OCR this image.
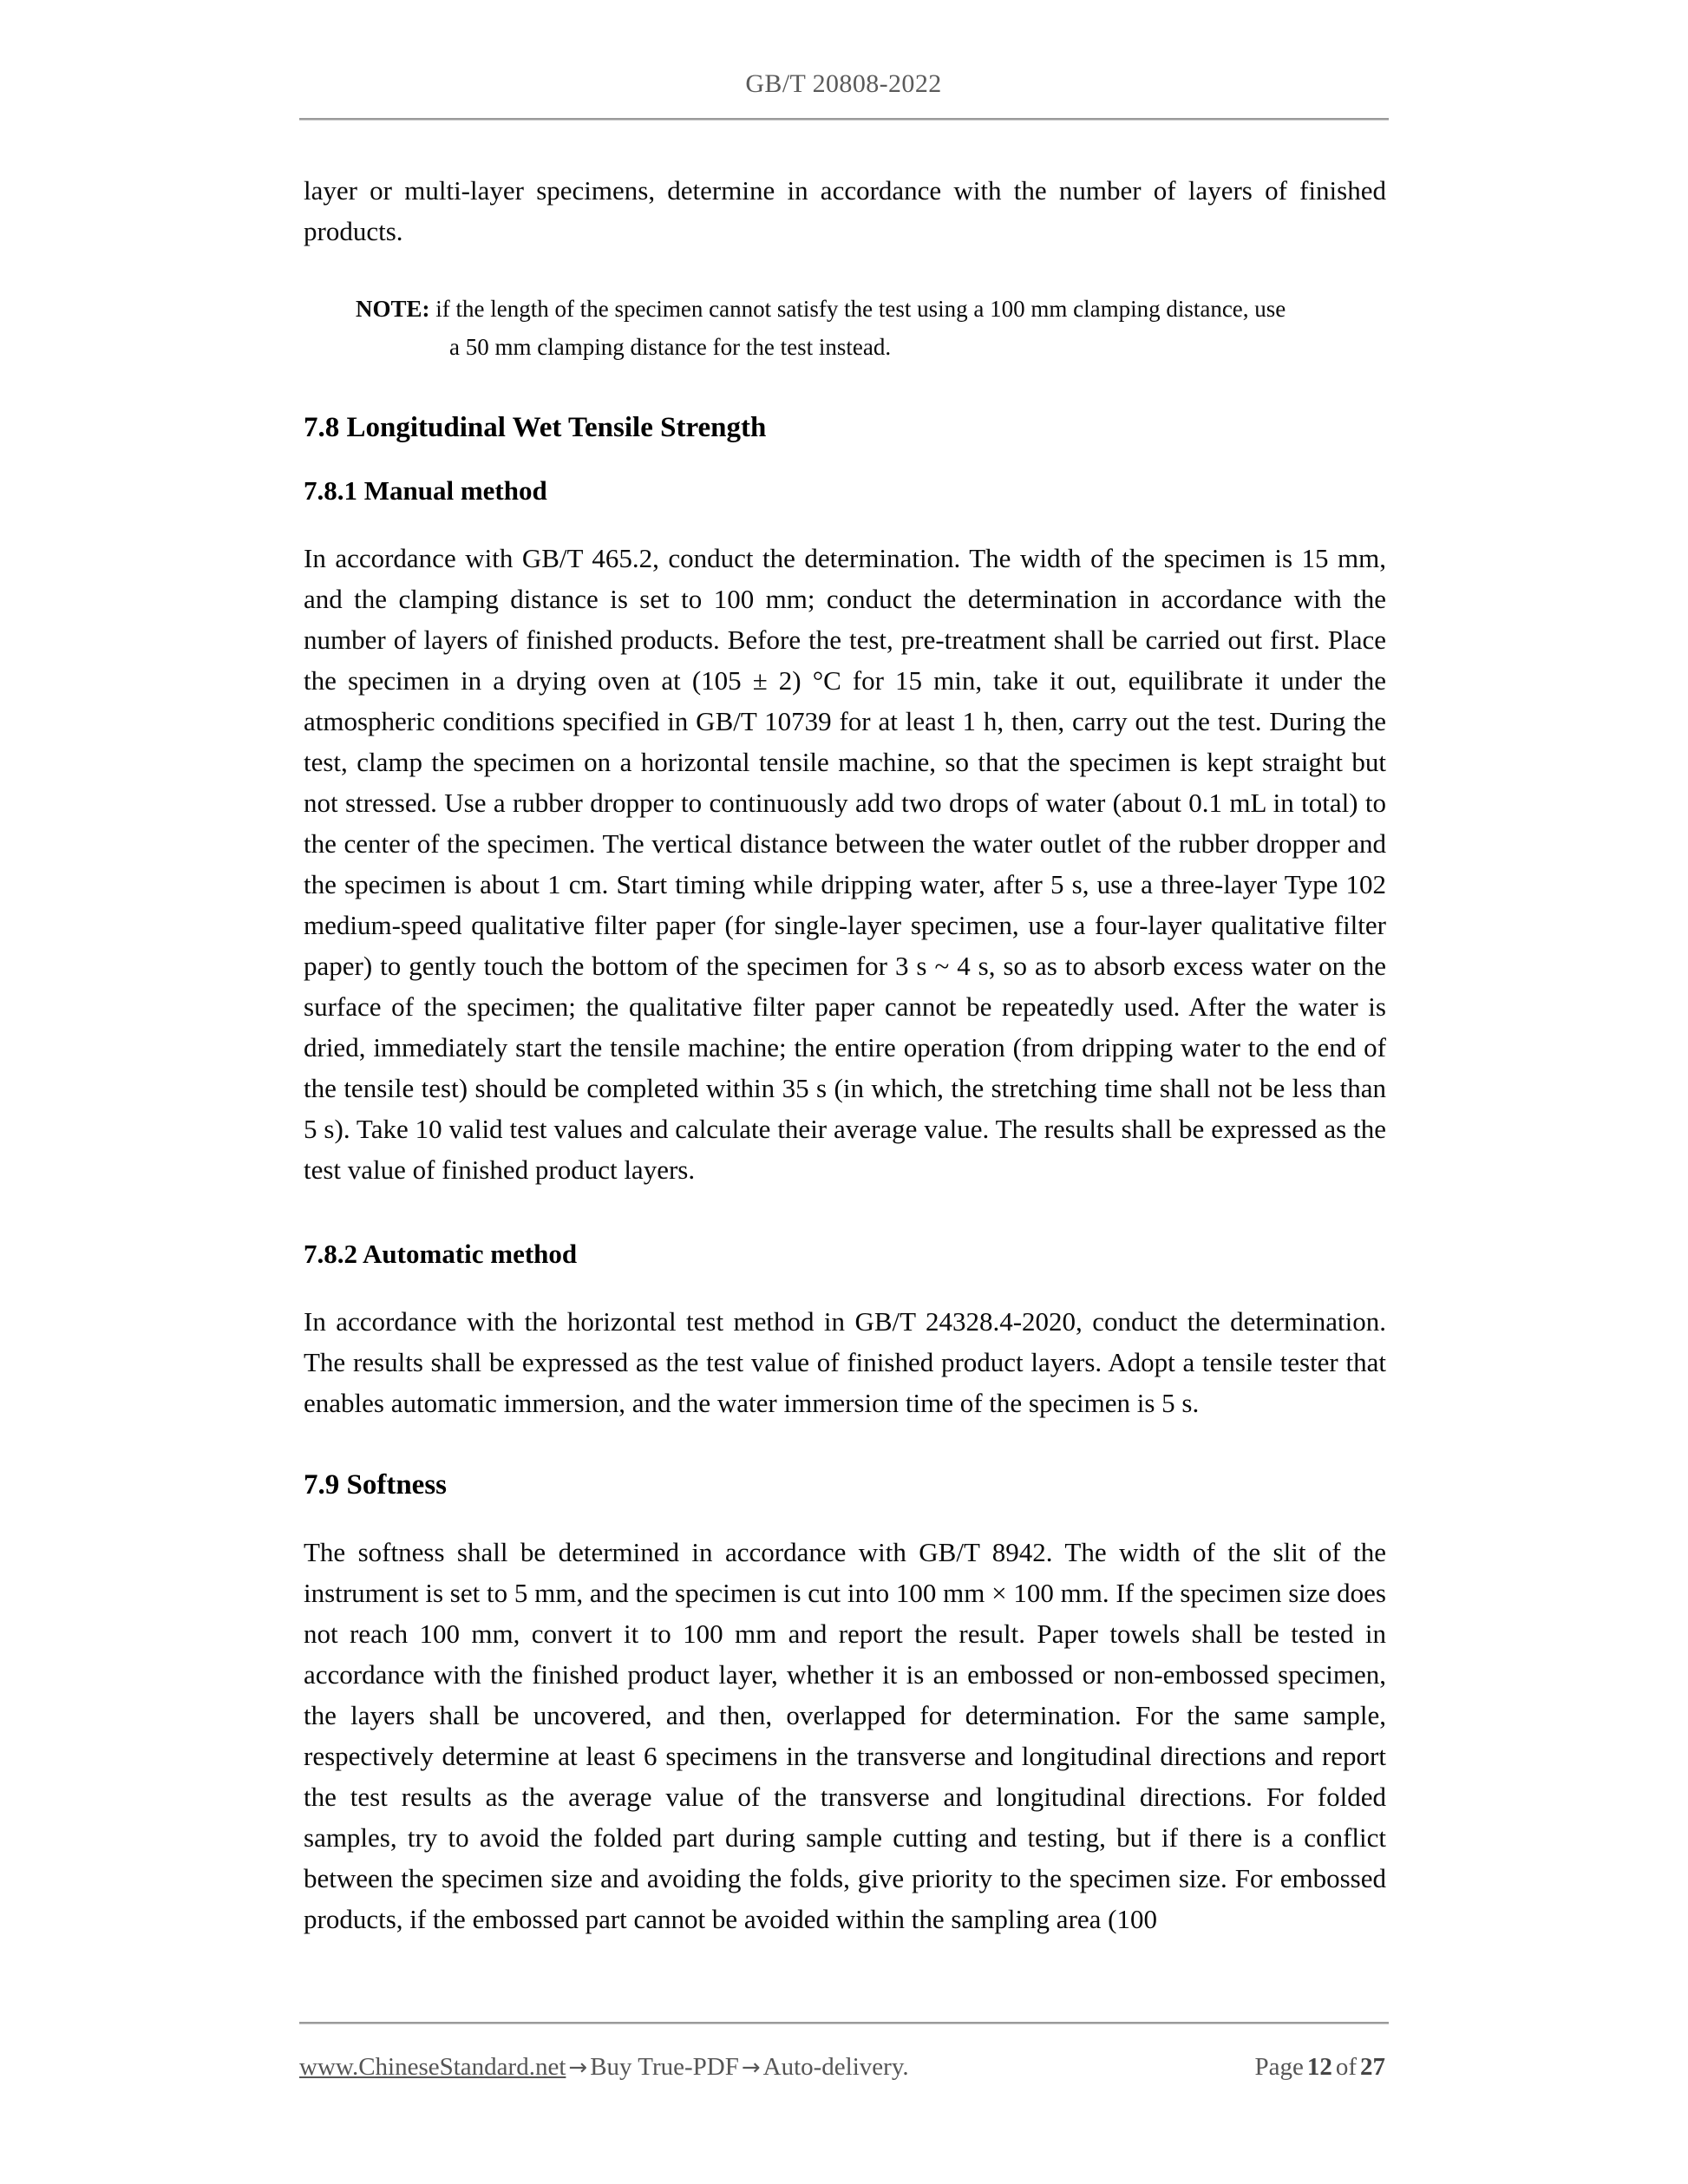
GB/T 20808-2022

layer or multi-layer specimens, determine in accordance with the number of layers of finished products.

NOTE: if the length of the specimen cannot satisfy the test using a 100 mm clamping distance, use
a 50 mm clamping distance for the test instead.
7.8 Longitudinal Wet Tensile Strength
7.8.1 Manual method

In accordance with GB/T 465.2, conduct the determination. The width of the specimen is 15 mm, and the clamping distance is set to 100 mm; conduct the determination in accordance with the number of layers of finished products. Before the test, pre-treatment shall be carried out first. Place the specimen in a drying oven at (105 ± 2) °C for 15 min, take it out, equilibrate it under the atmospheric conditions specified in GB/T 10739 for at least 1 h, then, carry out the test. During the test, clamp the specimen on a horizontal tensile machine, so that the specimen is kept straight but not stressed. Use a rubber dropper to continuously add two drops of water (about 0.1 mL in total) to the center of the specimen. The vertical distance between the water outlet of the rubber dropper and the specimen is about 1 cm. Start timing while dripping water, after 5 s, use a three-layer Type 102 medium-speed qualitative filter paper (for single-layer specimen, use a four-layer qualitative filter paper) to gently touch the bottom of the specimen for 3 s ~ 4 s, so as to absorb excess water on the surface of the specimen; the qualitative filter paper cannot be repeatedly used. After the water is dried, immediately start the tensile machine; the entire operation (from dripping water to the end of the tensile test) should be completed within 35 s (in which, the stretching time shall not be less than 5 s). Take 10 valid test values and calculate their average value. The results shall be expressed as the test value of finished product layers.

7.8.2 Automatic method

In accordance with the horizontal test method in GB/T 24328.4-2020, conduct the determination. The results shall be expressed as the test value of finished product layers. Adopt a tensile tester that enables automatic immersion, and the water immersion time of the specimen is 5 s.

7.9 Softness

The softness shall be determined in accordance with GB/T 8942. The width of the slit of the instrument is set to 5 mm, and the specimen is cut into 100 mm × 100 mm. If the specimen size does not reach 100 mm, convert it to 100 mm and report the result. Paper towels shall be tested in accordance with the finished product layer, whether it is an embossed or non-embossed specimen, the layers shall be uncovered, and then, overlapped for determination. For the same sample, respectively determine at least 6 specimens in the transverse and longitudinal directions and report the test results as the average value of the transverse and longitudinal directions. For folded samples, try to avoid the folded part during sample cutting and testing, but if there is a conflict between the specimen size and avoiding the folds, give priority to the specimen size. For embossed products, if the embossed part cannot be avoided within the sampling area (100

www.ChineseStandard.net → Buy True-PDF → Auto-delivery.	Page 12 of 27
